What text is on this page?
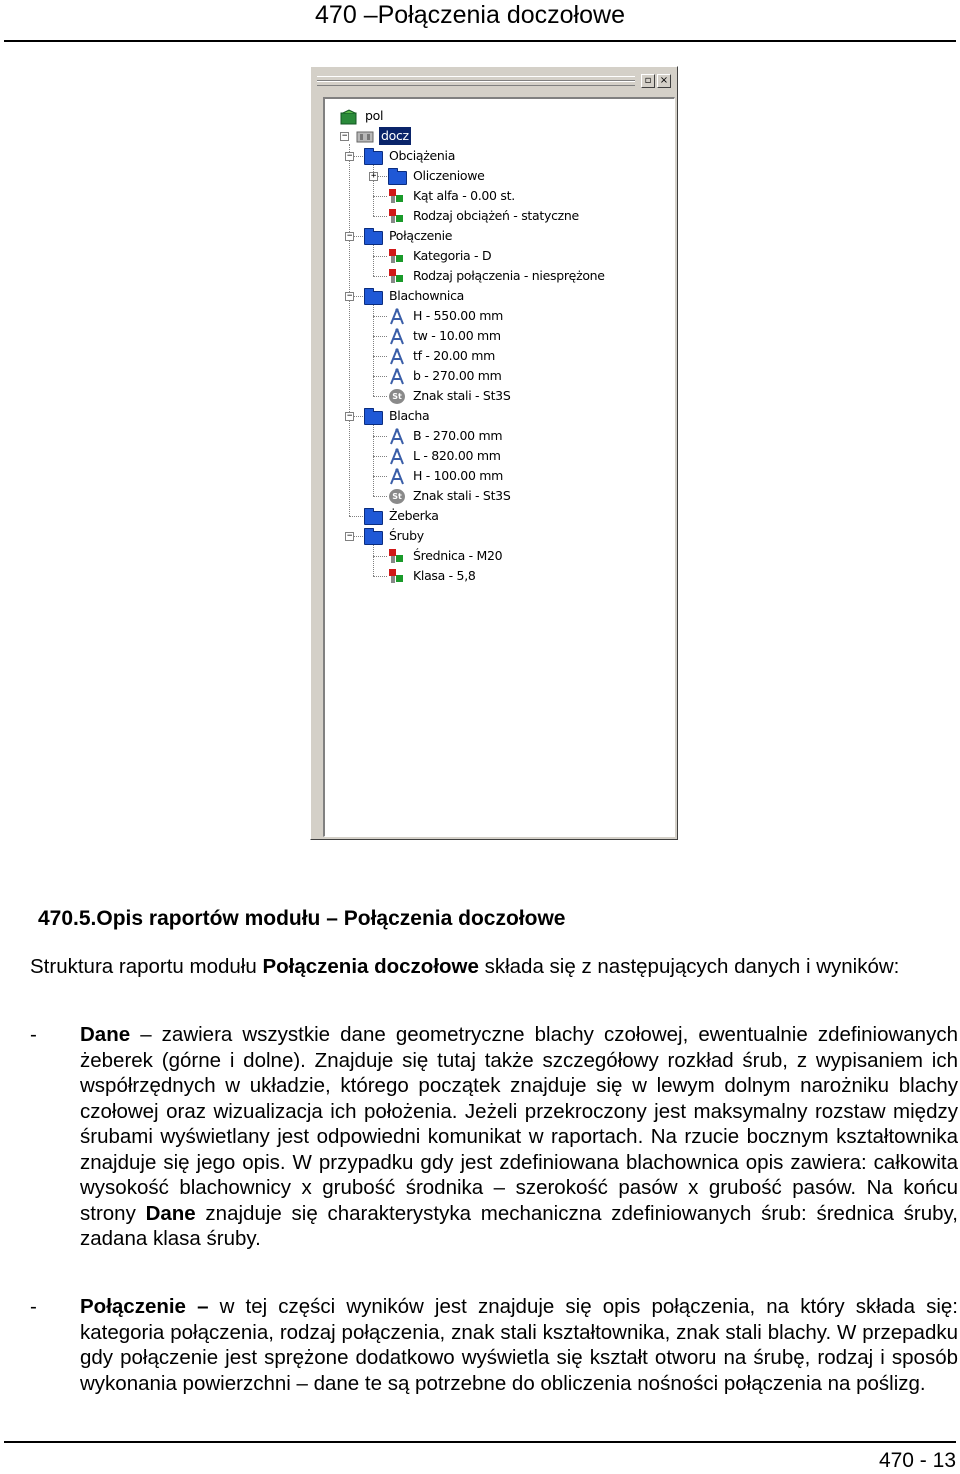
470 –Połączenia doczołowe
▫ ×
pol
−	docz
−	Obciążenia
+	Oliczeniowe
Kąt alfa - 0.00 st.
Rodzaj obciążeń - statyczne
−	Połączenie
Kategoria - D
Rodzaj połączenia - niesprężone
−	Blachownica
H - 550.00 mm
tw - 10.00 mm
tf - 20.00 mm
b - 270.00 mm
St Znak stali - St3S
−	Blacha
B - 270.00 mm
L - 820.00 mm
H - 100.00 mm
St Znak stali - St3S
Żeberka
−	Śruby
Średnica - M20
Klasa - 5,8
470.5.Opis raportów modułu – Połączenia doczołowe
Struktura raportu modułu Połączenia doczołowe składa się z następujących danych i wyników:
- Dane – zawiera wszystkie dane geometryczne blachy czołowej, ewentualnie zdefiniowanych żeberek (górne i dolne). Znajduje się tutaj także szczegółowy rozkład śrub, z wypisaniem ich współrzędnych w układzie, którego początek znajduje się w lewym dolnym narożniku blachy czołowej oraz wizualizacja ich położenia. Jeżeli przekroczony jest maksymalny rozstaw między śrubami wyświetlany jest odpowiedni komunikat w raportach. Na rzucie bocznym kształtownika znajduje się jego opis. W przypadku gdy jest zdefiniowana blachownica opis zawiera: całkowita wysokość blachownicy x grubość środnika – szerokość pasów x grubość pasów. Na końcu strony Dane znajduje się charakterystyka mechaniczna zdefiniowanych śrub: średnica śruby, zadana klasa śruby.
- Połączenie – w tej części wyników jest znajduje się opis połączenia, na który składa się: kategoria połączenia, rodzaj połączenia, znak stali kształtownika, znak stali blachy. W przepadku gdy połączenie jest sprężone dodatkowo wyświetla się kształt otworu na śrubę, rodzaj i sposób wykonania powierzchni – dane te są potrzebne do obliczenia nośności połączenia na poślizg.
470 - 13
